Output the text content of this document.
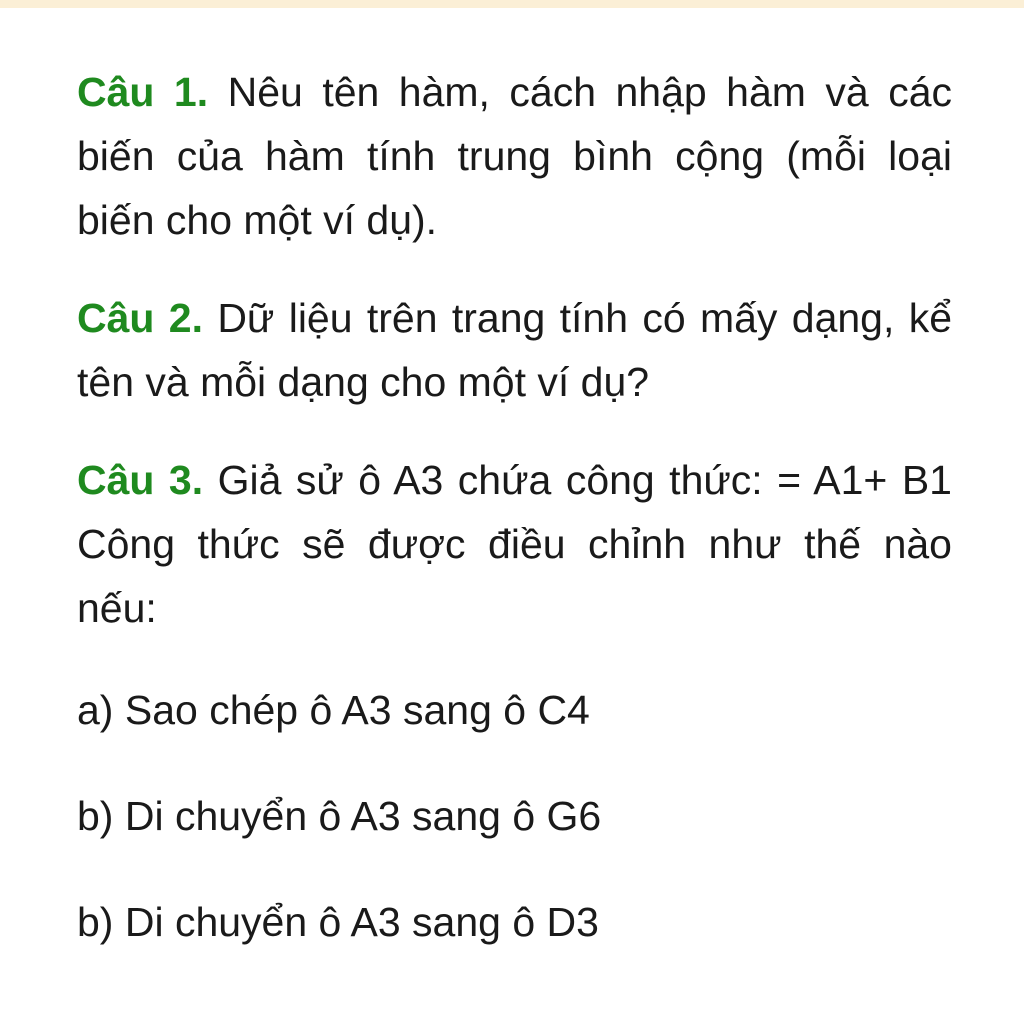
Câu 1. Nêu tên hàm, cách nhập hàm và các biến của hàm tính trung bình cộng (mỗi loại biến cho một ví dụ).

Câu 2. Dữ liệu trên trang tính có mấy dạng, kể tên và mỗi dạng cho một ví dụ?

Câu 3. Giả sử ô A3 chứa công thức: = A1+ B1 Công thức sẽ được điều chỉnh như thế nào nếu:

a) Sao chép ô A3 sang ô C4

b) Di chuyển ô A3 sang ô G6

b) Di chuyển ô A3 sang ô D3
